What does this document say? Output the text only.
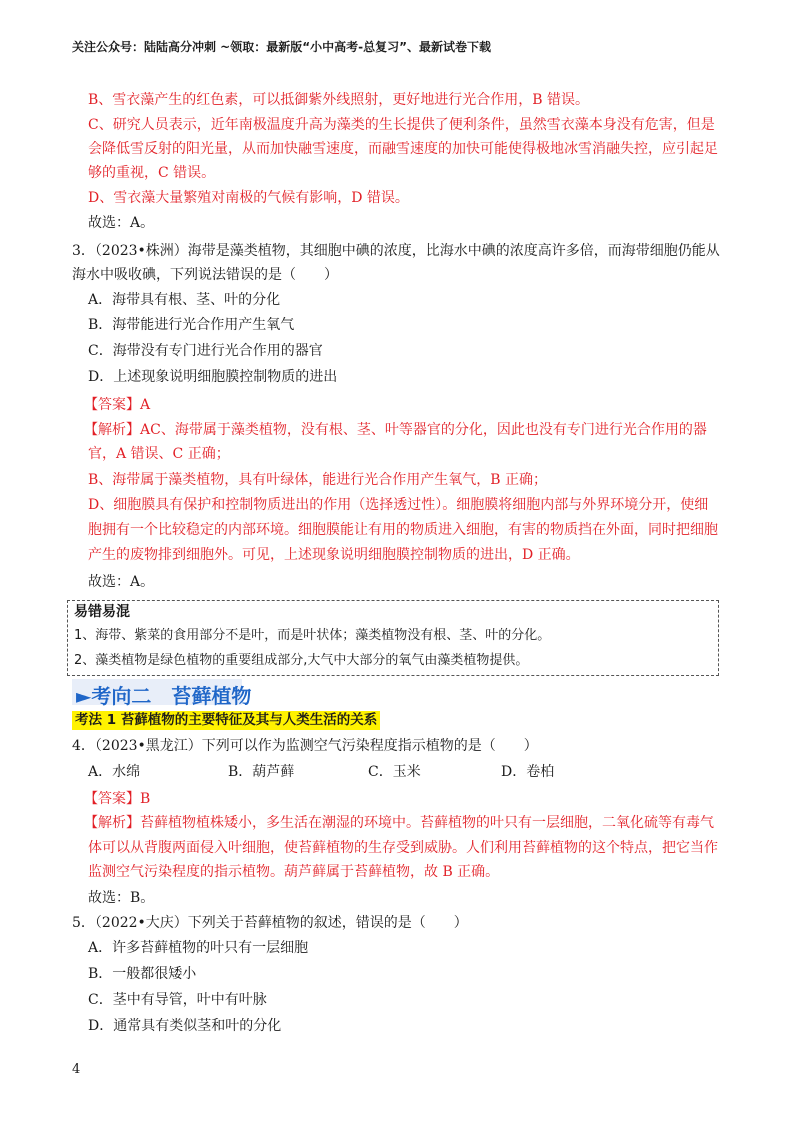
关注公众号：陆陆高分冲刺 ~领取：最新版“小中高考-总复习”、最新试卷下载
B、雪衣藻产生的红色素，可以抵御紫外线照射，更好地进行光合作用，B 错误。
C、研究人员表示，近年南极温度升高为藻类的生长提供了便利条件，虽然雪衣藻本身没有危害，但是
会降低雪反射的阳光量，从而加快融雪速度，而融雪速度的加快可能使得极地冰雪消融失控，应引起足
够的重视，C 错误。
D、雪衣藻大量繁殖对南极的气候有影响，D 错误。
故选：A。
3．（2023•株洲）海带是藻类植物，其细胞中碘的浓度，比海水中碘的浓度高许多倍，而海带细胞仍能从
海水中吸收碘，下列说法错误的是（　　）
A．海带具有根、茎、叶的分化
B．海带能进行光合作用产生氧气
C．海带没有专门进行光合作用的器官
D．上述现象说明细胞膜控制物质的进出
【答案】A
【解析】AC、海带属于藻类植物，没有根、茎、叶等器官的分化，因此也没有专门进行光合作用的器
官，A 错误、C 正确；
B、海带属于藻类植物，具有叶绿体，能进行光合作用产生氧气，B 正确；
D、细胞膜具有保护和控制物质进出的作用（选择透过性）。细胞膜将细胞内部与外界环境分开，使细
胞拥有一个比较稳定的内部环境。细胞膜能让有用的物质进入细胞，有害的物质挡在外面，同时把细胞
产生的废物排到细胞外。可见，上述现象说明细胞膜控制物质的进出，D 正确。
故选：A。
易错易混
1、海带、紫菜的食用部分不是叶，而是叶状体；藻类植物没有根、茎、叶的分化。
2、藻类植物是绿色植物的重要组成部分,大气中大部分的氧气由藻类植物提供。
►考向二　苔藓植物
考法 1 苔藓植物的主要特征及其与人类生活的关系
4．（2023•黑龙江）下列可以作为监测空气污染程度指示植物的是（　　）
A．水绵	B．葫芦藓	C．玉米	D．卷柏
【答案】B
【解析】苔藓植物植株矮小，多生活在潮湿的环境中。苔藓植物的叶只有一层细胞，二氧化硫等有毒气
体可以从背腹两面侵入叶细胞，使苔藓植物的生存受到威胁。人们利用苔藓植物的这个特点，把它当作
监测空气污染程度的指示植物。葫芦藓属于苔藓植物，故 B 正确。
故选：B。
5．（2022•大庆）下列关于苔藓植物的叙述，错误的是（　　）
A．许多苔藓植物的叶只有一层细胞
B．一般都很矮小
C．茎中有导管，叶中有叶脉
D．通常具有类似茎和叶的分化
4
